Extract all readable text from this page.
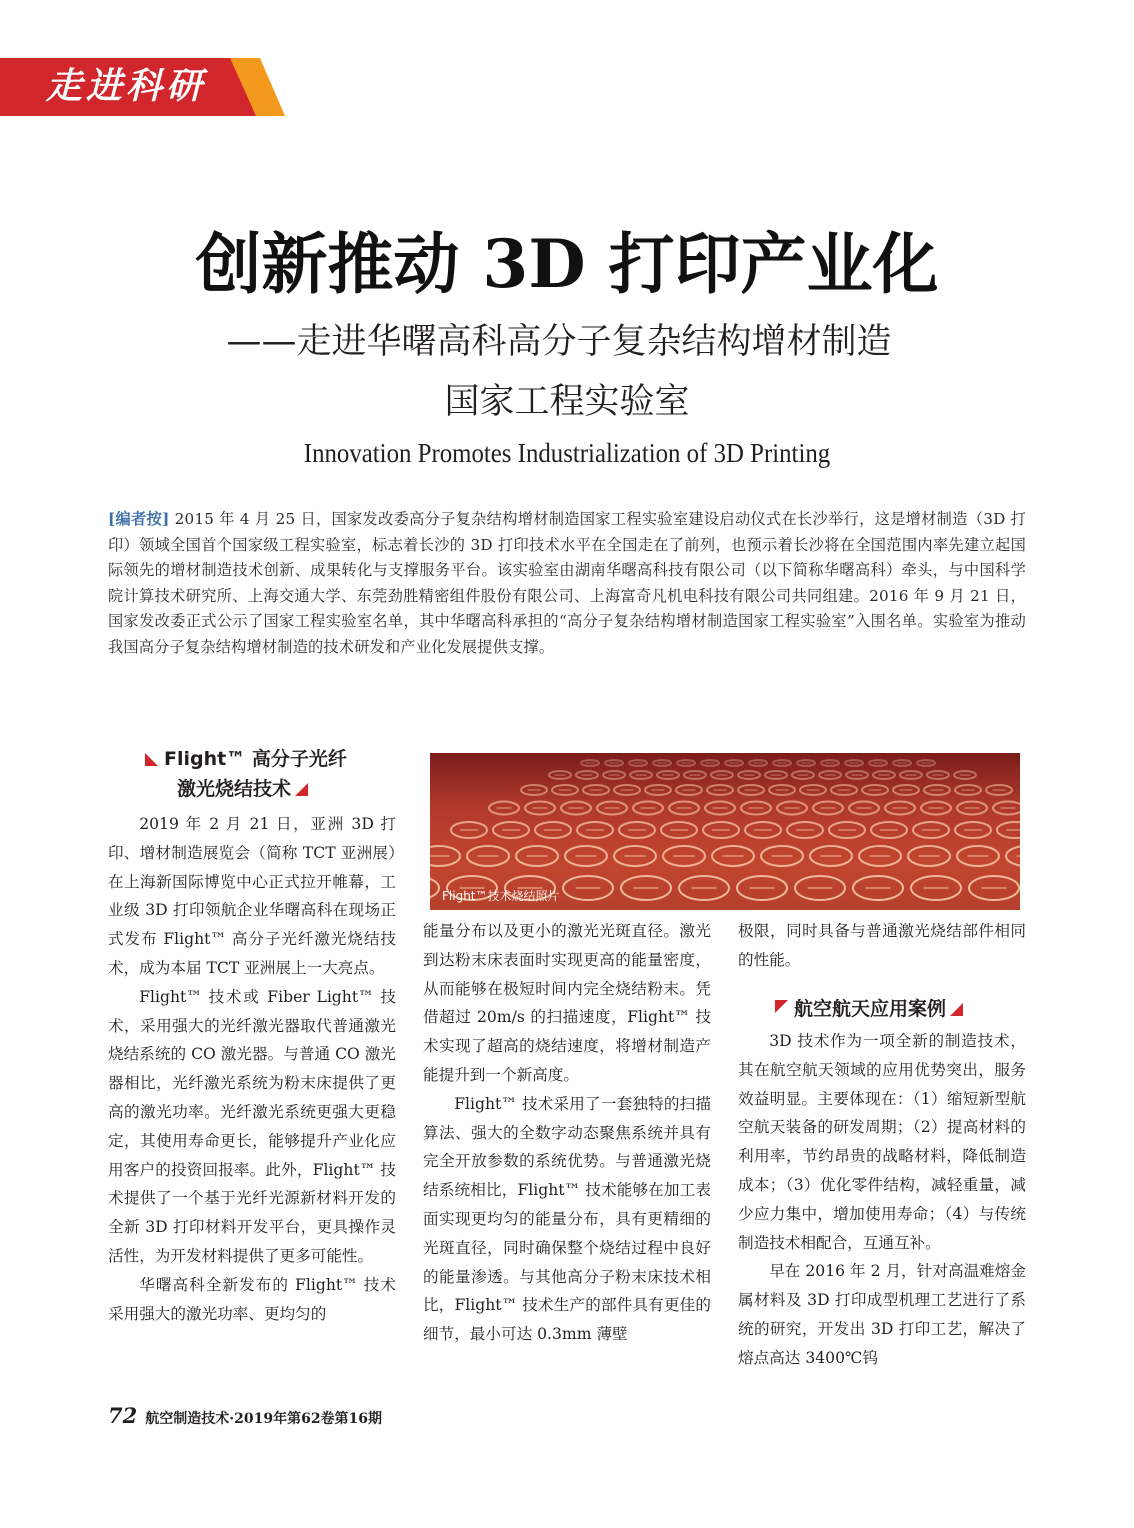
走进科研
创新推动 3D 打印产业化
——走进华曙高科高分子复杂结构增材制造
国家工程实验室
Innovation Promotes Industrialization of 3D Printing
[编者按] 2015 年 4 月 25 日，国家发改委高分子复杂结构增材制造国家工程实验室建设启动仪式在长沙举行，这是增材制造（3D 打印）领域全国首个国家级工程实验室，标志着长沙的 3D 打印技术水平在全国走在了前列，也预示着长沙将在全国范围内率先建立起国际领先的增材制造技术创新、成果转化与支撑服务平台。该实验室由湖南华曙高科技有限公司（以下简称华曙高科）牵头，与中国科学院计算技术研究所、上海交通大学、东莞劲胜精密组件股份有限公司、上海富奇凡机电科技有限公司共同组建。2016 年 9 月 21 日，国家发改委正式公示了国家工程实验室名单，其中华曙高科承担的“高分子复杂结构增材制造国家工程实验室”入围名单。实验室为推动我国高分子复杂结构增材制造的技术研发和产业化发展提供支撑。
Flight™ 高分子光纤
激光烧结技术

2019 年 2 月 21 日，亚洲 3D 打印、增材制造展览会（简称 TCT 亚洲展）在上海新国际博览中心正式拉开帷幕，工业级 3D 打印领航企业华曙高科在现场正式发布 Flight™ 高分子光纤激光烧结技术，成为本届 TCT 亚洲展上一大亮点。

Flight™ 技术或 Fiber Light™ 技术，采用强大的光纤激光器取代普通激光烧结系统的 CO 激光器。与普通 CO 激光器相比，光纤激光系统为粉末床提供了更高的激光功率。光纤激光系统更强大更稳定，其使用寿命更长，能够提升产业化应用客户的投资回报率。此外，Flight™ 技术提供了一个基于光纤光源新材料开发的全新 3D 打印材料开发平台，更具操作灵活性，为开发材料提供了更多可能性。

华曙高科全新发布的 Flight™ 技术采用强大的激光功率、更均匀的

Flight™技术烧结照片

能量分布以及更小的激光光斑直径。激光到达粉末床表面时实现更高的能量密度，从而能够在极短时间内完全烧结粉末。凭借超过 20m/s 的扫描速度，Flight™ 技术实现了超高的烧结速度，将增材制造产能提升到一个新高度。

Flight™ 技术采用了一套独特的扫描算法、强大的全数字动态聚焦系统并具有完全开放参数的系统优势。与普通激光烧结系统相比，Flight™ 技术能够在加工表面实现更均匀的能量分布，具有更精细的光斑直径，同时确保整个烧结过程中良好的能量渗透。与其他高分子粉末床技术相比，Flight™ 技术生产的部件具有更佳的细节，最小可达 0.3mm 薄壁

极限，同时具备与普通激光烧结部件相同的性能。

航空航天应用案例

3D 技术作为一项全新的制造技术，其在航空航天领域的应用优势突出，服务效益明显。主要体现在：（1）缩短新型航空航天装备的研发周期；（2）提高材料的利用率，节约昂贵的战略材料，降低制造成本；（3）优化零件结构，减轻重量，减少应力集中，增加使用寿命；（4）与传统制造技术相配合，互通互补。

早在 2016 年 2 月，针对高温难熔金属材料及 3D 打印成型机理工艺进行了系统的研究，开发出 3D 打印工艺，解决了熔点高达 3400℃钨

72 航空制造技术·2019年第62卷第16期
